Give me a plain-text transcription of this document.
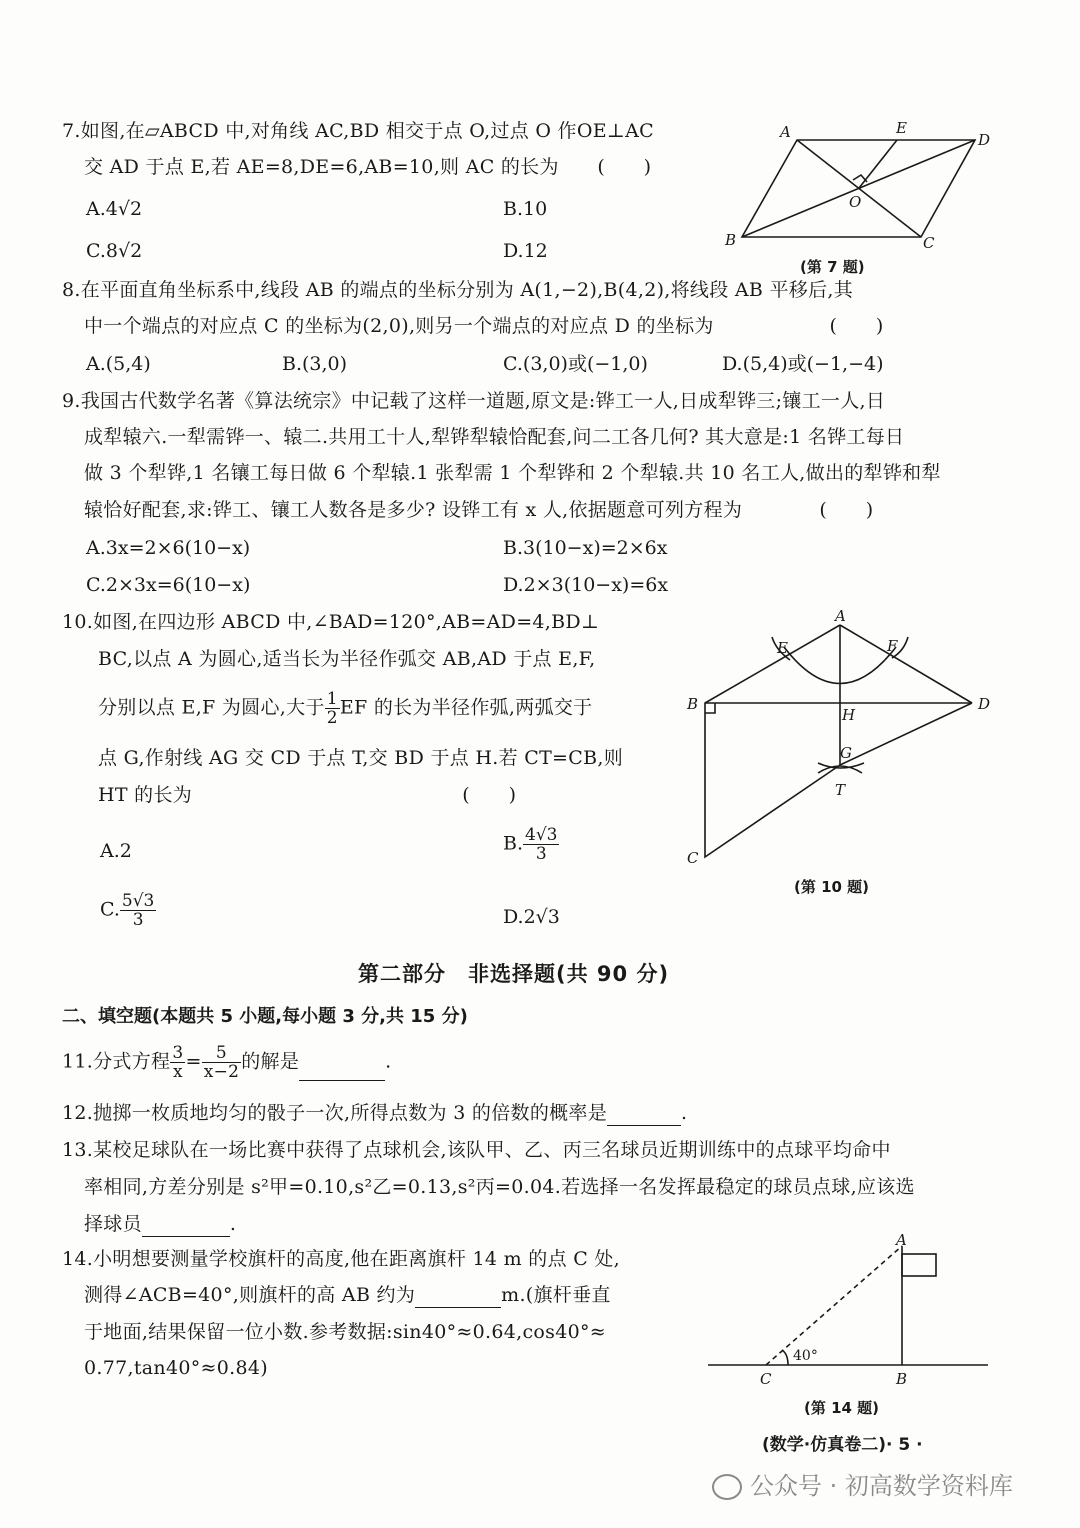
7.如图,在▱ABCD 中,对角线 AC,BD 相交于点 O,过点 O 作OE⊥AC
交 AD 于点 E,若 AE=8,DE=6,AB=10,则 AC 的长为　　(　　)
A.4√2	B.10
C.8√2	D.12
A	E
D
O
B	C
(第 7 题)
8.在平面直角坐标系中,线段 AB 的端点的坐标分别为 A(1,−2),B(4,2),将线段 AB 平移后,其
中一个端点的对应点 C 的坐标为(2,0),则另一个端点的对应点 D 的坐标为　　　　　　(　　)
A.(5,4)	B.(3,0)	C.(3,0)或(−1,0)	D.(5,4)或(−1,−4)
9.我国古代数学名著《算法统宗》中记载了这样一道题,原文是:铧工一人,日成犁铧三;镶工一人,日
成犁辕六.一犁需铧一、辕二.共用工十人,犁铧犁辕恰配套,问二工各几何? 其大意是:1 名铧工每日
做 3 个犁铧,1 名镶工每日做 6 个犁辕.1 张犁需 1 个犁铧和 2 个犁辕.共 10 名工人,做出的犁铧和犁
辕恰好配套,求:铧工、镶工人数各是多少? 设铧工有 x 人,依据题意可列方程为　　　　(　　)
A.3x=2×6(10−x)	B.3(10−x)=2×6x
C.2×3x=6(10−x)	D.2×3(10−x)=6x
10.如图,在四边形 ABCD 中,∠BAD=120°,AB=AD=4,BD⊥
BC,以点 A 为圆心,适当长为半径作弧交 AB,AD 于点 E,F,
分别以点 E,F 为圆心,大于 $\frac{1}{2}$ EF 的长为半径作弧,两弧交于
点 G,作射线 AG 交 CD 于点 T,交 BD 于点 H.若 CT=CB,则
HT 的长为　　　　　　　　　　　　　　(　　)
A.2	B. $\frac{4√3}{3}$
C. $\frac{5√3}{3}$	D.2√3
A
E	F
B	D
H
G
T
C
(第 10 题)
第二部分　非选择题(共 90 分)
二、填空题(本题共 5 小题,每小题 3 分,共 15 分)
11.分式方程 $\frac{3}{x} = \frac{5}{x-2}$ 的解是	.
12.抛掷一枚质地均匀的骰子一次,所得点数为 3 的倍数的概率是	.
13.某校足球队在一场比赛中获得了点球机会,该队甲、乙、丙三名球员近期训练中的点球平均命中
率相同,方差分别是 s²甲=0.10,s²乙=0.13,s²丙=0.04.若选择一名发挥最稳定的球员点球,应该选
择球员	.
14.小明想要测量学校旗杆的高度,他在距离旗杆 14 m 的点 C 处,
测得∠ACB=40°,则旗杆的高 AB 约为	m.(旗杆垂直
于地面,结果保留一位小数.参考数据:sin40°≈0.64,cos40°≈
0.77,tan40°≈0.84)
A
C	B
40°
(第 14 题)
(数学·仿真卷二)· 5 ·
公众号 · 初高数学资料库
